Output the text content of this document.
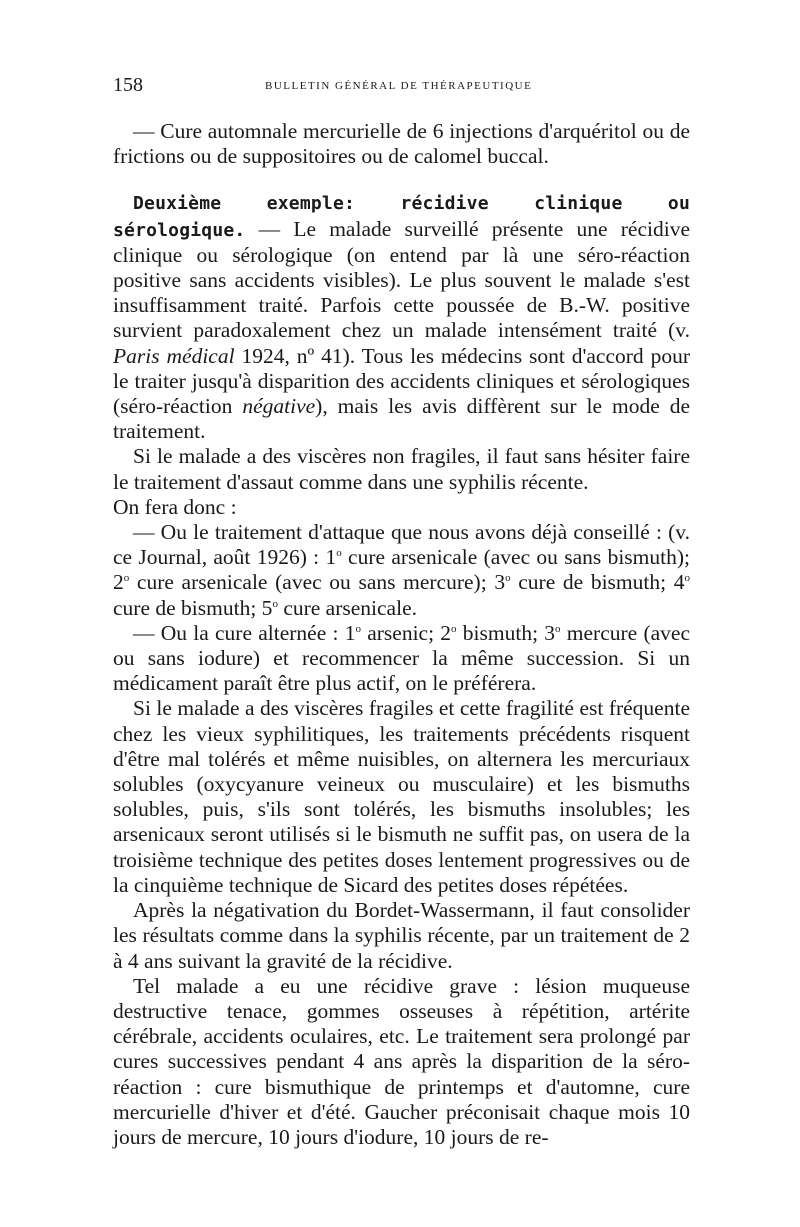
158	BULLETIN GÉNÉRAL DE THÉRAPEUTIQUE

— Cure automnale mercurielle de 6 injections d'arquéritol ou de frictions ou de suppositoires ou de calomel buccal.

Deuxième exemple: récidive clinique ou sérologique. — Le malade surveillé présente une récidive clinique ou sérologique (on entend par là une séro-réaction positive sans accidents visibles). Le plus souvent le malade s'est insuffisamment traité. Parfois cette poussée de B.-W. positive survient paradoxalement chez un malade intensément traité (v. Paris médical 1924, nº 41). Tous les médecins sont d'accord pour le traiter jusqu'à disparition des accidents cliniques et sérologiques (séro-réaction négative), mais les avis diffèrent sur le mode de traitement.

Si le malade a des viscères non fragiles, il faut sans hésiter faire le traitement d'assaut comme dans une syphilis récente.

On fera donc :

— Ou le traitement d'attaque que nous avons déjà conseillé : (v. ce Journal, août 1926) : 1$^o$ cure arsenicale (avec ou sans bismuth); 2$^o$ cure arsenicale (avec ou sans mercure); 3$^o$ cure de bismuth; 4$^o$ cure de bismuth; 5$^o$ cure arsenicale.

— Ou la cure alternée : 1$^o$ arsenic; 2$^o$ bismuth; 3$^o$ mercure (avec ou sans iodure) et recommencer la même succession. Si un médicament paraît être plus actif, on le préférera.

Si le malade a des viscères fragiles et cette fragilité est fréquente chez les vieux syphilitiques, les traitements précédents risquent d'être mal tolérés et même nuisibles, on alternera les mercuriaux solubles (oxycyanure veineux ou musculaire) et les bismuths solubles, puis, s'ils sont tolérés, les bismuths insolubles; les arsenicaux seront utilisés si le bismuth ne suffit pas, on usera de la troisième technique des petites doses lentement progressives ou de la cinquième technique de Sicard des petites doses répétées.

Après la négativation du Bordet-Wassermann, il faut consolider les résultats comme dans la syphilis récente, par un traitement de 2 à 4 ans suivant la gravité de la récidive.

Tel malade a eu une récidive grave : lésion muqueuse destructive tenace, gommes osseuses à répétition, artérite cérébrale, accidents oculaires, etc. Le traitement sera prolongé par cures successives pendant 4 ans après la disparition de la séro-réaction : cure bismuthique de printemps et d'automne, cure mercurielle d'hiver et d'été. Gaucher préconisait chaque mois 10 jours de mercure, 10 jours d'iodure, 10 jours de re-
